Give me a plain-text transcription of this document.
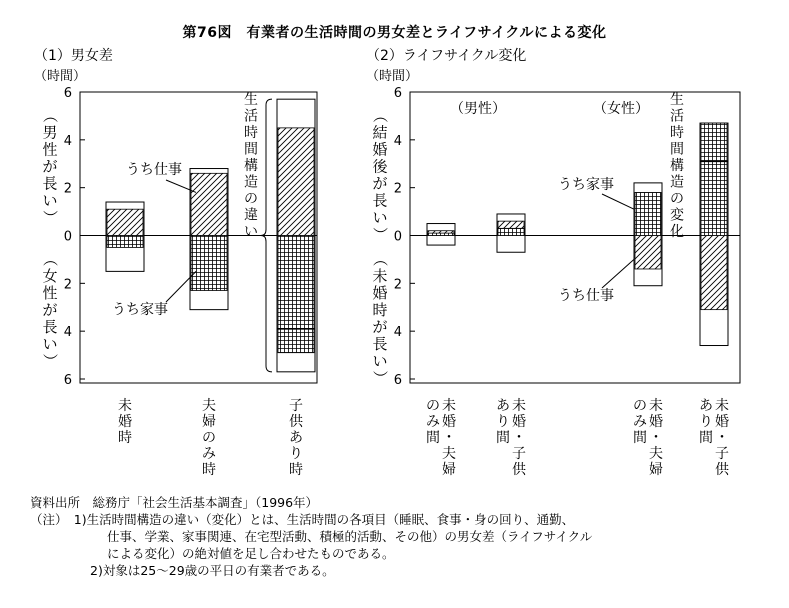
第76図　有業者の生活時間の男女差とライフサイクルによる変化
（1）男女差
（時間）
6
4
2
0
2
4
6
（
男
性
が
長
い
）
（
女
性
が
長
い
）
未
婚
時
夫
婦
の
み
時
子
供
あ
り
時
うち仕事
うち家事
生
活
時
間
構
造
の
違
い
（2）ライフサイクル変化
（時間）
6
4
2
0
2
4
6
（
結
婚
後
が
長
い
）
（
未
婚
時
が
長
い
）
の
み
間
未
婚
・
夫
婦
あ
り
間
未
婚
・
子
供
の
み
間
未
婚
・
夫
婦
あ
り
間
未
婚
・
子
供
（男性）	（女性）
うち家事
うち仕事
生
活
時
間
構
造
の
変
化
資料出所　総務庁「社会生活基本調査」（1996年）
（注）　1)生活時間構造の違い（変化）とは、生活時間の各項目（睡眠、食事・身の回り、通勤、
仕事、学業、家事関連、在宅型活動、積極的活動、その他）の男女差（ライフサイクル
による変化）の絶対値を足し合わせたものである。
2)対象は25～29歳の平日の有業者である。
